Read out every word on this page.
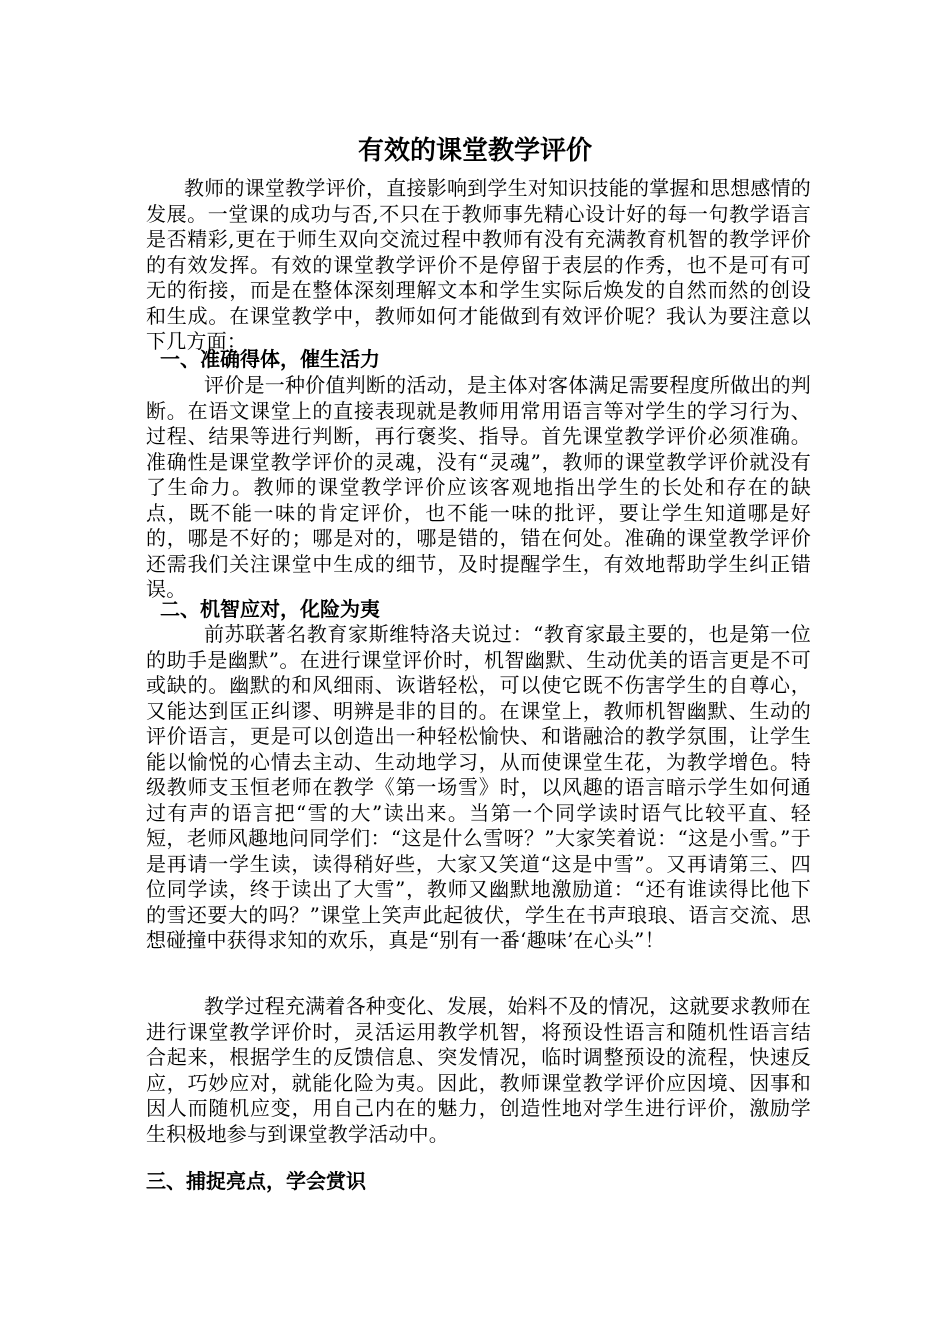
有效的课堂教学评价

教师的课堂教学评价，直接影响到学生对知识技能的掌握和思想感情的发展。一堂课的成功与否,不只在于教师事先精心设计好的每一句教学语言是否精彩,更在于师生双向交流过程中教师有没有充满教育机智的教学评价的有效发挥。有效的课堂教学评价不是停留于表层的作秀，也不是可有可无的衔接，而是在整体深刻理解文本和学生实际后焕发的自然而然的创设和生成。在课堂教学中，教师如何才能做到有效评价呢？我认为要注意以下几方面：

一、准确得体，催生活力

评价是一种价值判断的活动，是主体对客体满足需要程度所做出的判断。在语文课堂上的直接表现就是教师用常用语言等对学生的学习行为、过程、结果等进行判断，再行褒奖、指导。首先课堂教学评价必须准确。准确性是课堂教学评价的灵魂，没有“灵魂”，教师的课堂教学评价就没有了生命力。教师的课堂教学评价应该客观地指出学生的长处和存在的缺点，既不能一味的肯定评价，也不能一味的批评，要让学生知道哪是好的，哪是不好的；哪是对的，哪是错的，错在何处。准确的课堂教学评价还需我们关注课堂中生成的细节，及时提醒学生，有效地帮助学生纠正错误。

二、机智应对，化险为夷

前苏联著名教育家斯维特洛夫说过：“教育家最主要的，也是第一位的助手是幽默”。在进行课堂评价时，机智幽默、生动优美的语言更是不可或缺的。幽默的和风细雨、诙谐轻松，可以使它既不伤害学生的自尊心，又能达到匡正纠谬、明辨是非的目的。在课堂上，教师机智幽默、生动的评价语言，更是可以创造出一种轻松愉快、和谐融洽的教学氛围，让学生能以愉悦的心情去主动、生动地学习，从而使课堂生花，为教学增色。特级教师支玉恒老师在教学《第一场雪》时，以风趣的语言暗示学生如何通过有声的语言把“雪的大”读出来。当第一个同学读时语气比较平直、轻短，老师风趣地问同学们：“这是什么雪呀？”大家笑着说：“这是小雪。”于是再请一学生读，读得稍好些，大家又笑道“这是中雪”。又再请第三、四位同学读，终于读出了大雪”，教师又幽默地激励道：“还有谁读得比他下的雪还要大的吗？”课堂上笑声此起彼伏，学生在书声琅琅、语言交流、思想碰撞中获得求知的欢乐，真是“别有一番‘趣味’在心头”！

教学过程充满着各种变化、发展，始料不及的情况，这就要求教师在进行课堂教学评价时，灵活运用教学机智，将预设性语言和随机性语言结合起来，根据学生的反馈信息、突发情况，临时调整预设的流程，快速反应，巧妙应对，就能化险为夷。因此，教师课堂教学评价应因境、因事和因人而随机应变，用自己内在的魅力，创造性地对学生进行评价，激励学生积极地参与到课堂教学活动中。

三、捕捉亮点，学会赏识
